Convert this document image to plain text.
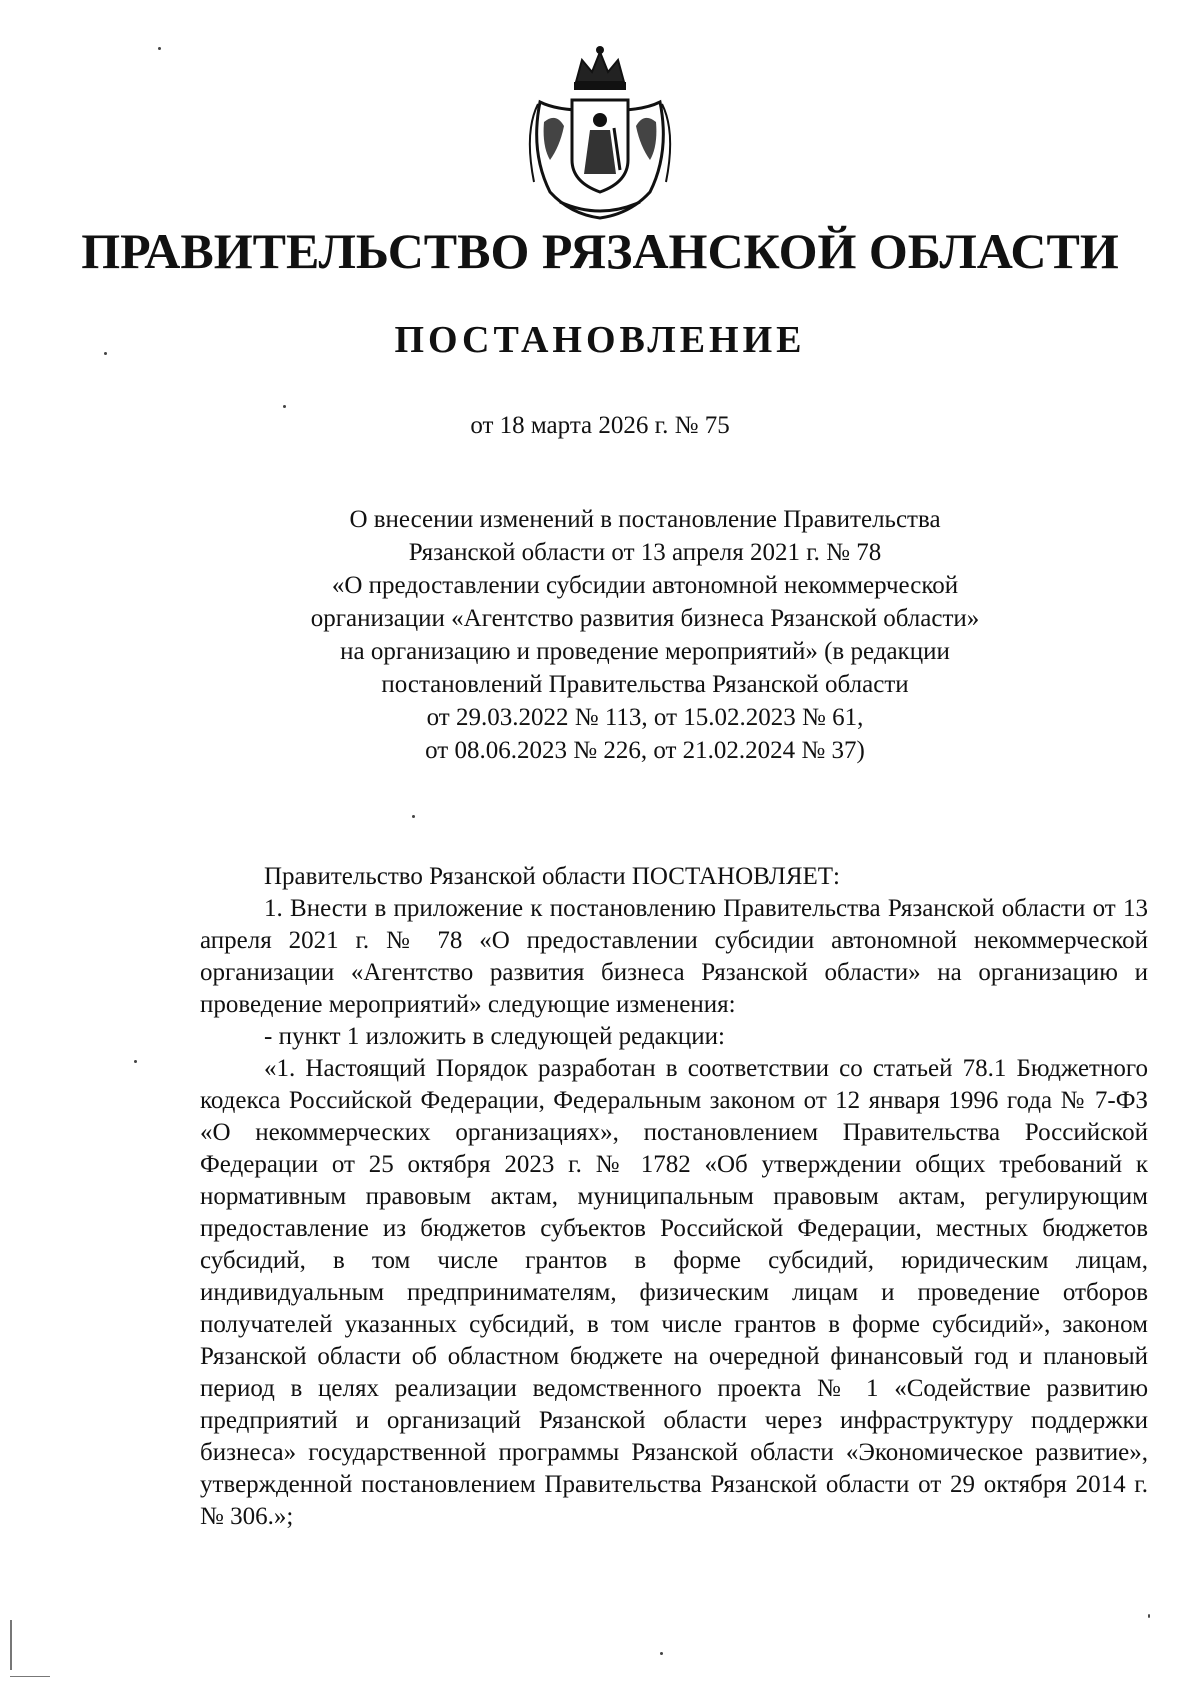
ПРАВИТЕЛЬСТВО РЯЗАНСКОЙ ОБЛАСТИ
ПОСТАНОВЛЕНИЕ

от 18 марта 2026 г. № 75

О внесении изменений в постановление Правительства
Рязанской области от 13 апреля 2021 г. № 78
«О предоставлении субсидии автономной некоммерческой
организации «Агентство развития бизнеса Рязанской области»
на организацию и проведение мероприятий» (в редакции
постановлений Правительства Рязанской области
от 29.03.2022 № 113, от 15.02.2023 № 61,
от 08.06.2023 № 226, от 21.02.2024 № 37)

Правительство Рязанской области ПОСТАНОВЛЯЕТ:

1. Внести в приложение к постановлению Правительства Рязанской области от 13 апреля 2021 г. № 78 «О предоставлении субсидии автономной некоммерческой организации «Агентство развития бизнеса Рязанской области» на организацию и проведение мероприятий» следующие изменения:

- пункт 1 изложить в следующей редакции:

«1. Настоящий Порядок разработан в соответствии со статьей 78.1 Бюджетного кодекса Российской Федерации, Федеральным законом от 12 января 1996 года № 7-ФЗ «О некоммерческих организациях», постановлением Правительства Российской Федерации от 25 октября 2023 г. № 1782 «Об утверждении общих требований к нормативным правовым актам, муниципальным правовым актам, регулирующим предоставление из бюджетов субъектов Российской Федерации, местных бюджетов субсидий, в том числе грантов в форме субсидий, юридическим лицам, индивидуальным предпринимателям, физическим лицам и проведение отборов получателей указанных субсидий, в том числе грантов в форме субсидий», законом Рязанской области об областном бюджете на очередной финансовый год и плановый период в целях реализации ведомственного проекта № 1 «Содействие развитию предприятий и организаций Рязанской области через инфраструктуру поддержки бизнеса» государственной программы Рязанской области «Экономическое развитие», утвержденной постановлением Правительства Рязанской области от 29 октября 2014 г. № 306.»;
